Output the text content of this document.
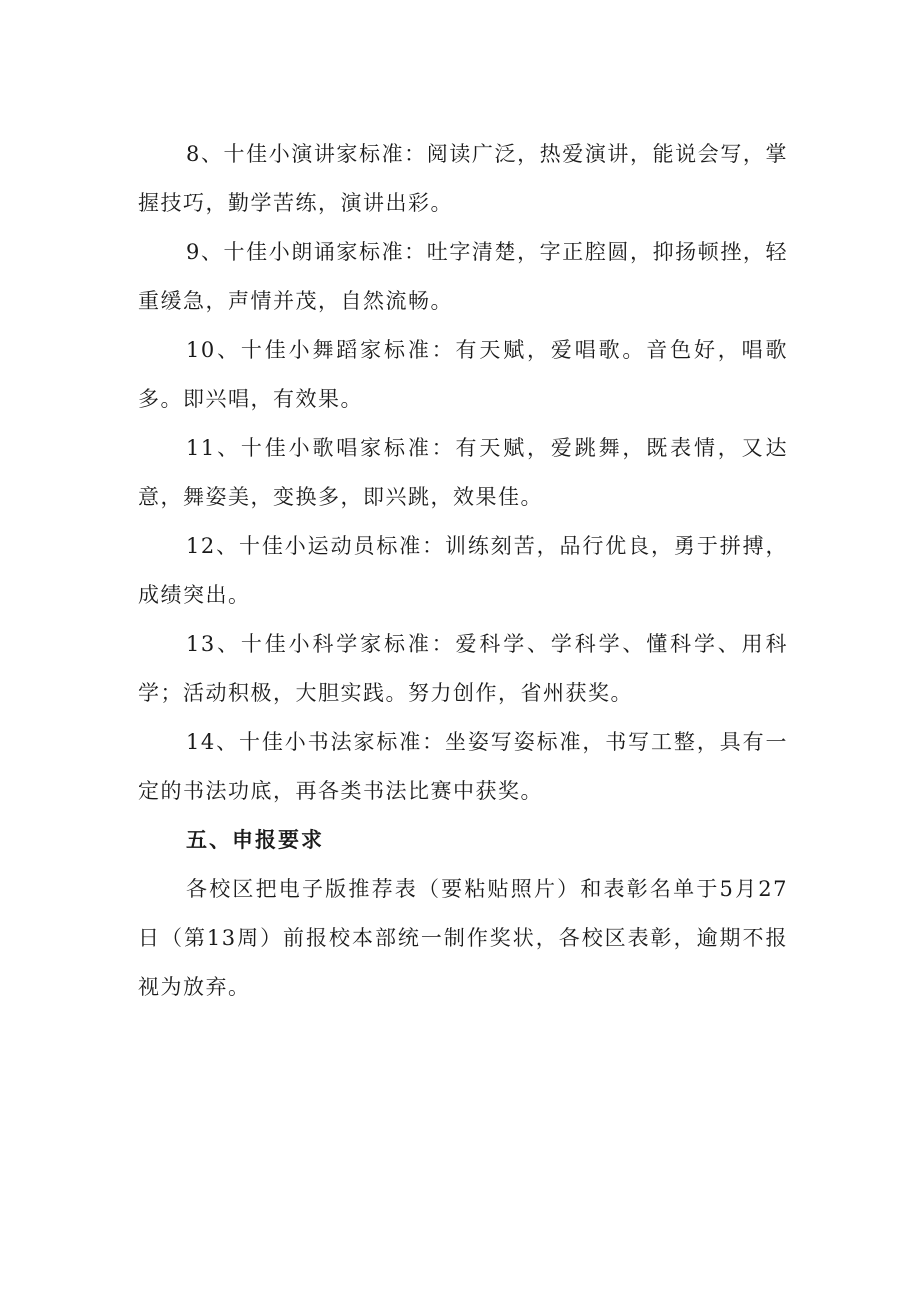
8、十佳小演讲家标准：阅读广泛，热爱演讲，能说会写，掌握技巧，勤学苦练，演讲出彩。

9、十佳小朗诵家标准：吐字清楚，字正腔圆，抑扬顿挫，轻重缓急，声情并茂，自然流畅。

10、十佳小舞蹈家标准：有天赋，爱唱歌。音色好，唱歌多。即兴唱，有效果。

11、十佳小歌唱家标准：有天赋，爱跳舞，既表情，又达意，舞姿美，变换多，即兴跳，效果佳。

12、十佳小运动员标准：训练刻苦，品行优良，勇于拼搏，成绩突出。

13、十佳小科学家标准：爱科学、学科学、懂科学、用科学；活动积极，大胆实践。努力创作，省州获奖。

14、十佳小书法家标准：坐姿写姿标准，书写工整，具有一定的书法功底，再各类书法比赛中获奖。

五、申报要求

各校区把电子版推荐表（要粘贴照片）和表彰名单于5月27日（第13周）前报校本部统一制作奖状，各校区表彰，逾期不报视为放弃。
